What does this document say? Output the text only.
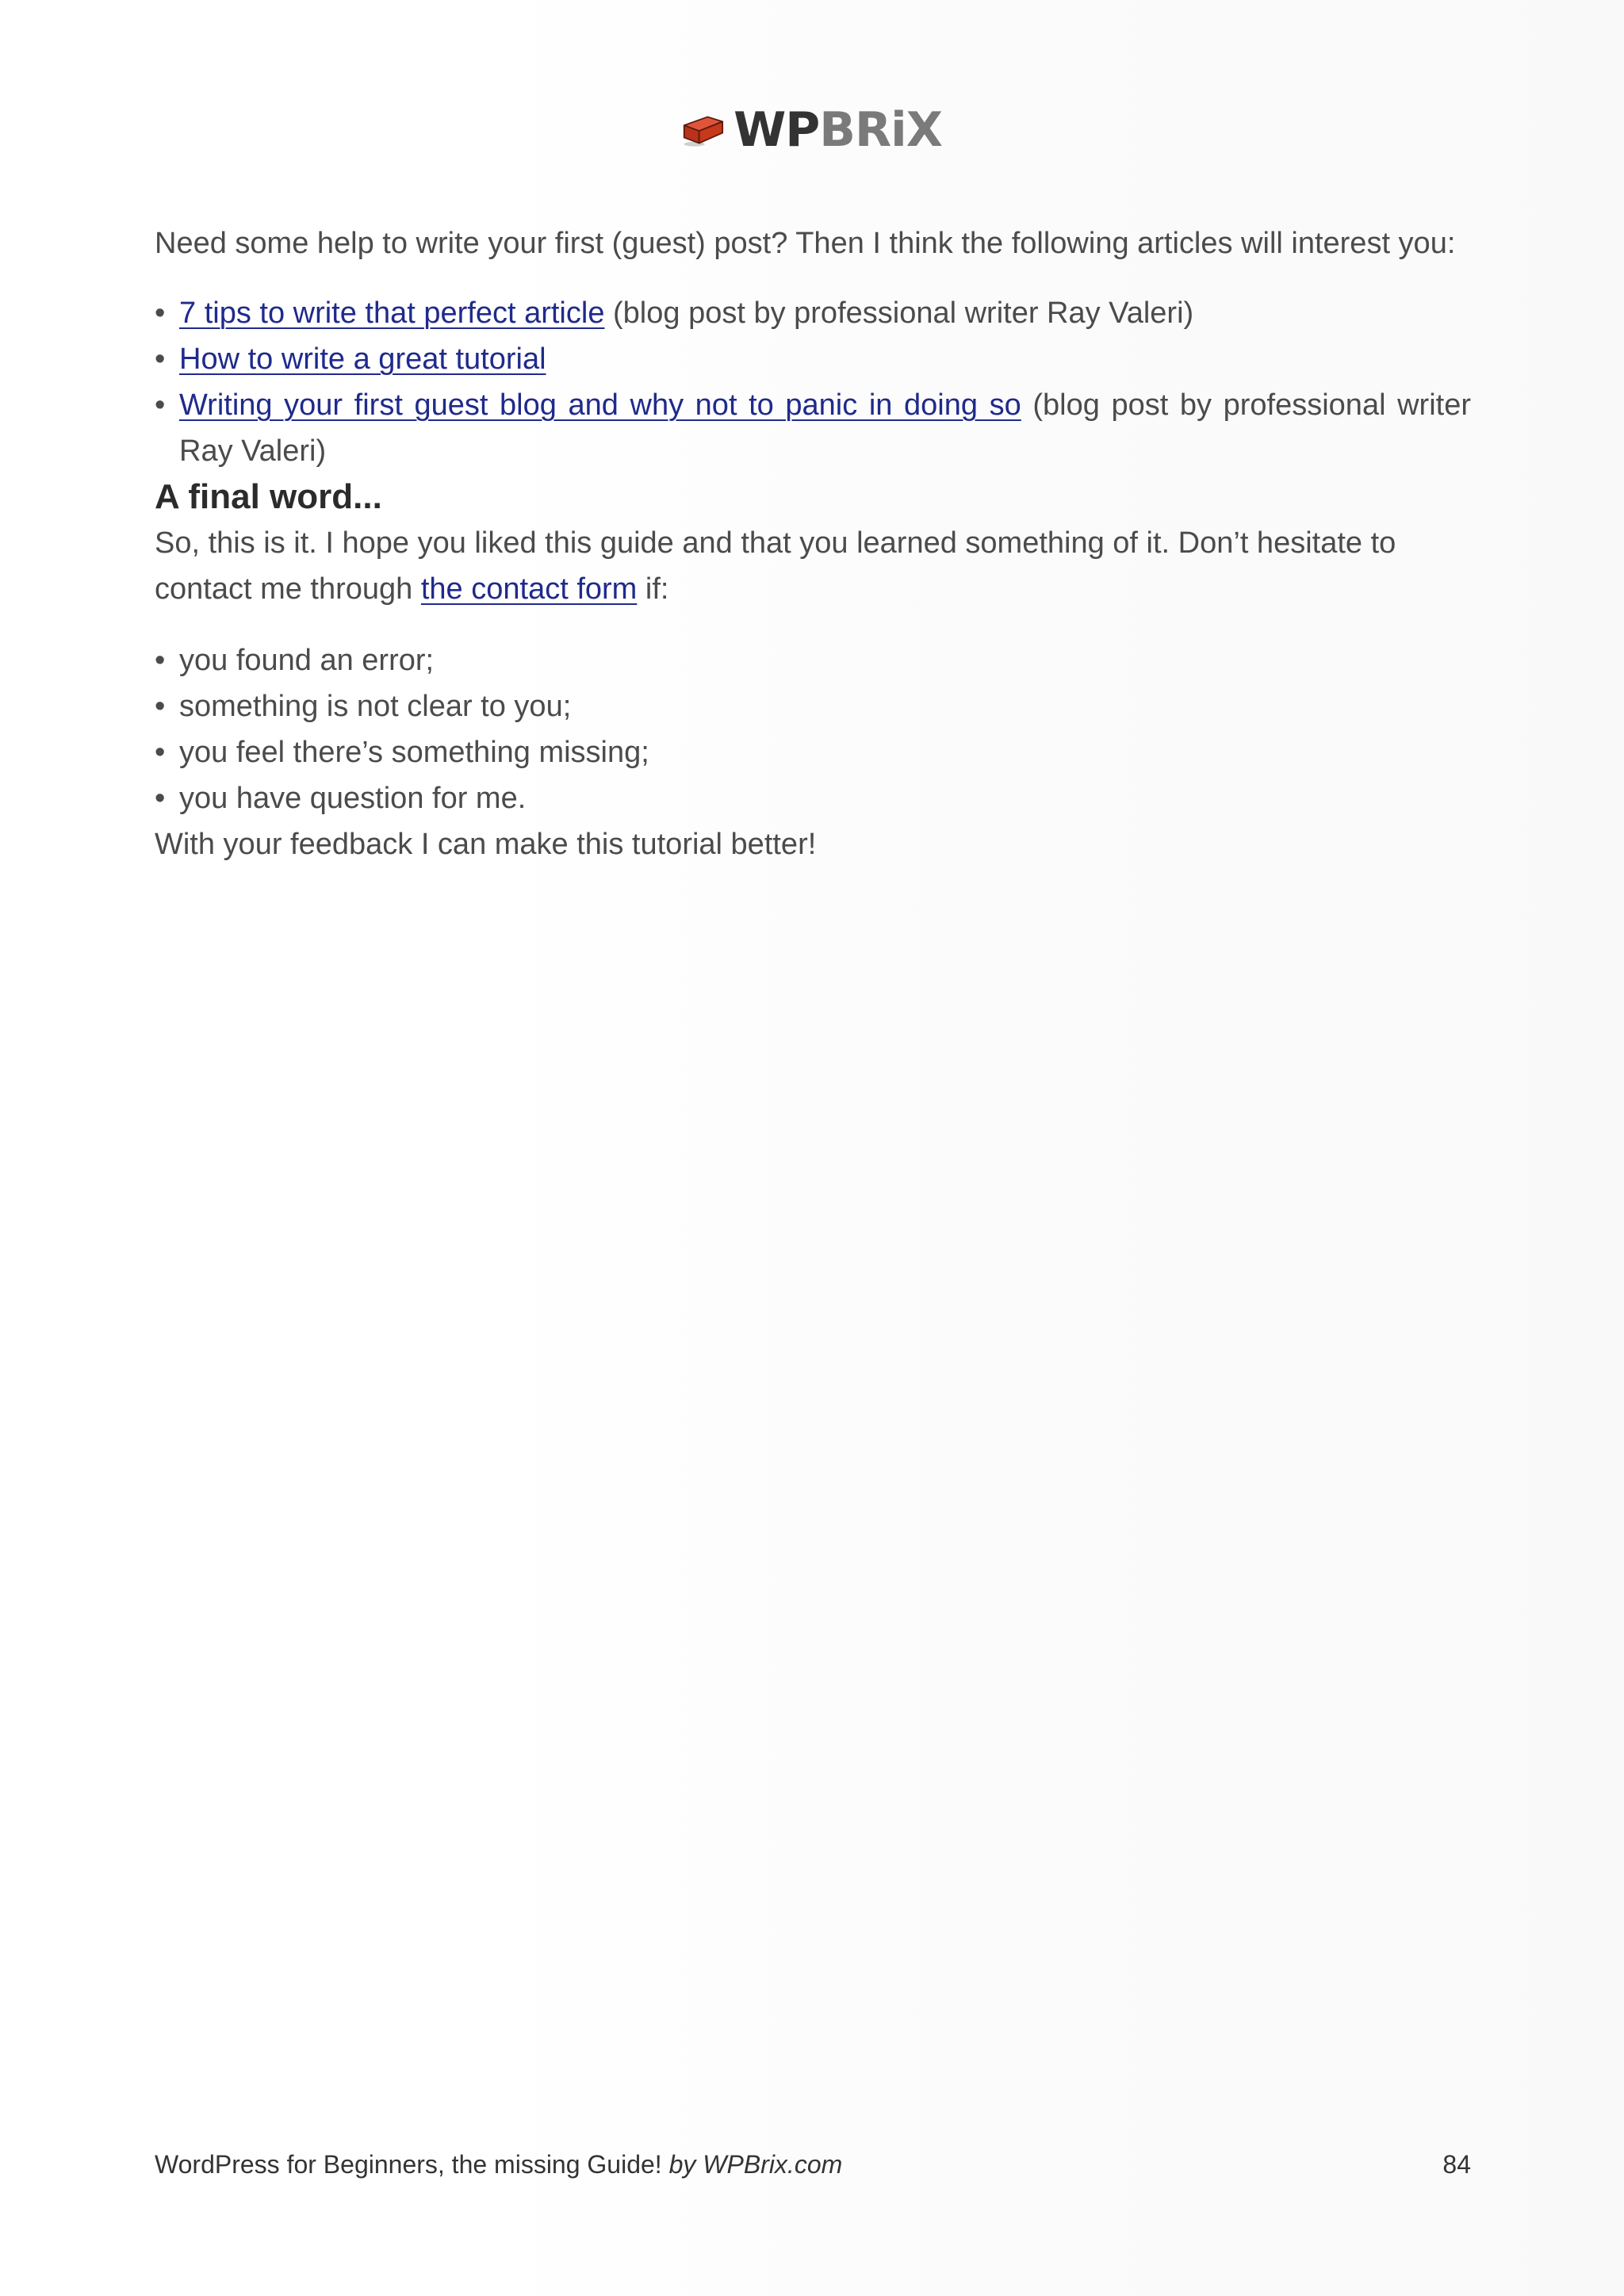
WPBRiX

Need some help to write your first (guest) post? Then I think the following articles will interest you:

• 7 tips to write that perfect article (blog post by professional writer Ray Valeri)
• How to write a great tutorial
• Writing your first guest blog and why not to panic in doing so (blog post by professional writer Ray Valeri)
A final word...

So, this is it. I hope you liked this guide and that you learned something of it. Don’t hesitate to contact me through the contact form if:

• you found an error;
• something is not clear to you;
• you feel there’s something missing;
• you have question for me.

With your feedback I can make this tutorial better!

WordPress for Beginners, the missing Guide! by WPBrix.com	84
